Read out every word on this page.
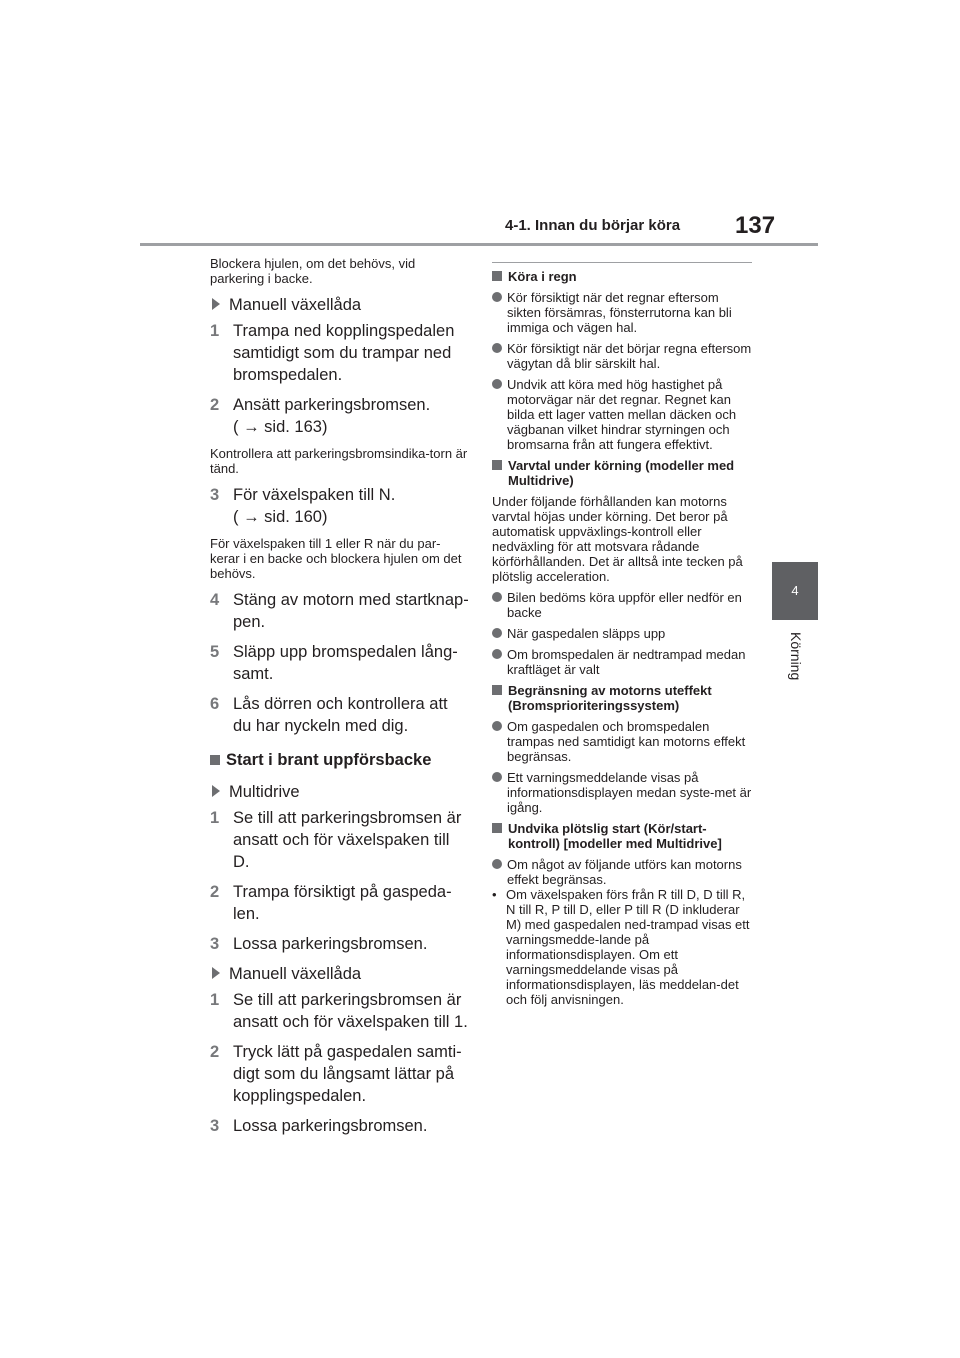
4-1. Innan du börjar köra 137
4
Körning

Blockera hjulen, om det behövs, vid parkering i backe.

Manuell växellåda
1 Trampa ned kopplingspedalen samtidigt som du trampar ned bromspedalen.
2 Ansätt parkeringsbromsen.
( → sid. 163)

Kontrollera att parkeringsbromsindika-torn är tänd.

3 För växelspaken till N.
( → sid. 160)

För växelspaken till 1 eller R när du par-kerar i en backe och blockera hjulen om det behövs.

4 Stäng av motorn med startknap-pen.
5 Släpp upp bromspedalen lång-samt.
6 Lås dörren och kontrollera att du har nyckeln med dig.
Start i brant uppförsbacke
Multidrive
1 Se till att parkeringsbromsen är ansatt och för växelspaken till D.
2 Trampa försiktigt på gaspeda-len.
3 Lossa parkeringsbromsen.
Manuell växellåda
1 Se till att parkeringsbromsen är ansatt och för växelspaken till 1.
2 Tryck lätt på gaspedalen samti-digt som du långsamt lättar på kopplingspedalen.
3 Lossa parkeringsbromsen.
Köra i regn
Kör försiktigt när det regnar eftersom sikten försämras, fönsterrutorna kan bli immiga och vägen hal.
Kör försiktigt när det börjar regna eftersom vägytan då blir särskilt hal.
Undvik att köra med hög hastighet på motorvägar när det regnar. Regnet kan bilda ett lager vatten mellan däcken och vägbanan vilket hindrar styrningen och bromsarna från att fungera effektivt.
Varvtal under körning (modeller med Multidrive)

Under följande förhållanden kan motorns varvtal höjas under körning. Det beror på automatisk uppväxlings-kontroll eller nedväxling för att motsvara rådande körförhållanden. Det är alltså inte tecken på plötslig acceleration.

Bilen bedöms köra uppför eller nedför en backe
När gaspedalen släpps upp
Om bromspedalen är nedtrampad medan kraftläget är valt
Begränsning av motorns uteffekt (Bromsprioriteringssystem)
Om gaspedalen och bromspedalen trampas ned samtidigt kan motorns effekt begränsas.
Ett varningsmeddelande visas på informationsdisplayen medan syste-met är igång.
Undvika plötslig start (Kör/start-kontroll) [modeller med Multidrive]
Om något av följande utförs kan motorns effekt begränsas.
• Om växelspaken förs från R till D, D till R, N till R, P till D, eller P till R (D inkluderar M) med gaspedalen ned-trampad visas ett varningsmedde-lande på informationsdisplayen. Om ett varningsmeddelande visas på informationsdisplayen, läs meddelan-det och följ anvisningen.
